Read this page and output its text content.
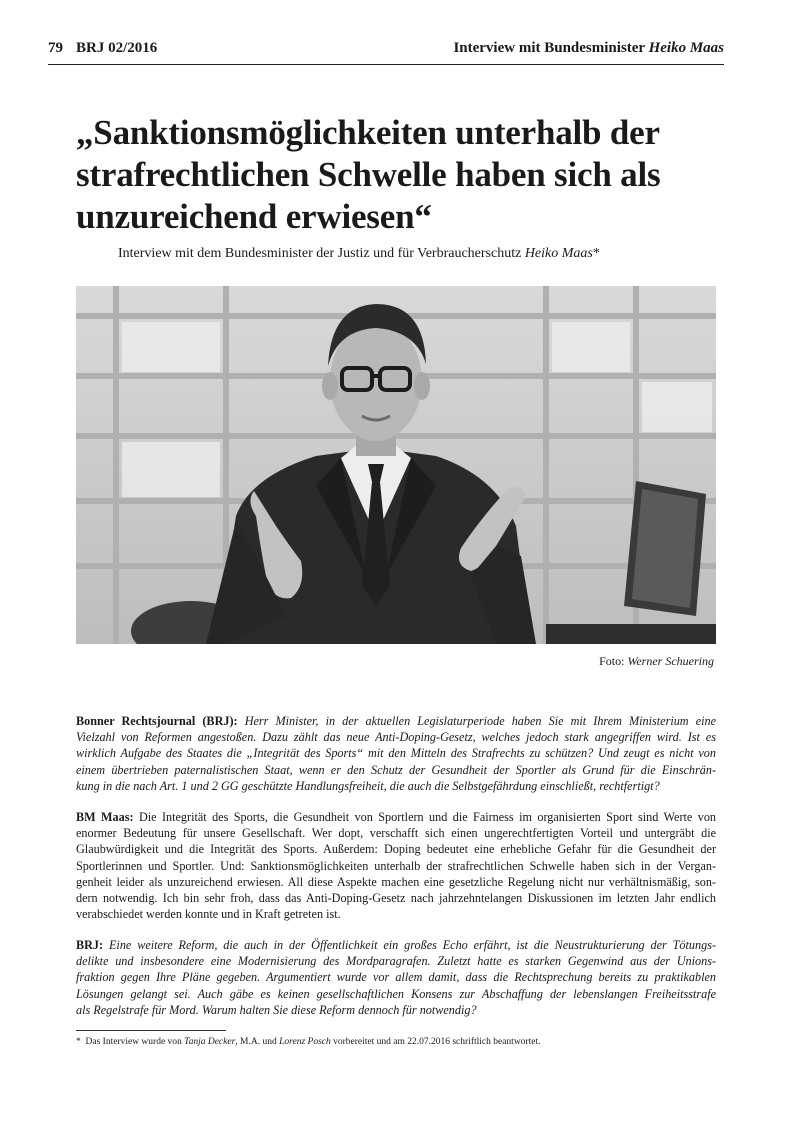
79 BRJ 02/2016	Interview mit Bundesminister Heiko Maas
„Sanktionsmöglichkeiten unterhalb der
strafrechtlichen Schwelle haben sich als
unzureichend erwiesen“
Interview mit dem Bundesminister der Justiz und für Verbraucherschutz Heiko Maas*
Foto: Werner Schuering
Bonner Rechtsjournal (BRJ): Herr Minister, in der aktuellen Legislaturperiode haben Sie mit Ihrem Ministerium eine
Vielzahl von Reformen angestoßen. Dazu zählt das neue Anti-Doping-Gesetz, welches jedoch stark angegriffen wird. Ist es
wirklich Aufgabe des Staates die „Integrität des Sports“ mit den Mitteln des Strafrechts zu schützen? Und zeugt es nicht von
einem übertrieben paternalistischen Staat, wenn er den Schutz der Gesundheit der Sportler als Grund für die Einschrän-
kung in die nach Art. 1 und 2 GG geschützte Handlungsfreiheit, die auch die Selbstgefährdung einschließt, rechtfertigt?
BM Maas: Die Integrität des Sports, die Gesundheit von Sportlern und die Fairness im organisierten Sport sind Werte von
enormer Bedeutung für unsere Gesellschaft. Wer dopt, verschafft sich einen ungerechtfertigten Vorteil und untergräbt die
Glaubwürdigkeit und die Integrität des Sports. Außerdem: Doping bedeutet eine erhebliche Gefahr für die Gesundheit der
Sportlerinnen und Sportler. Und: Sanktionsmöglichkeiten unterhalb der strafrechtlichen Schwelle haben sich in der Vergan-
genheit leider als unzureichend erwiesen. All diese Aspekte machen eine gesetzliche Regelung nicht nur verhältnismäßig, son-
dern notwendig. Ich bin sehr froh, dass das Anti-Doping-Gesetz nach jahrzehntelangen Diskussionen im letzten Jahr endlich
verabschiedet werden konnte und in Kraft getreten ist.
BRJ: Eine weitere Reform, die auch in der Öffentlichkeit ein großes Echo erfährt, ist die Neustrukturierung der Tötungs-
delikte und insbesondere eine Modernisierung des Mordparagrafen. Zuletzt hatte es starken Gegenwind aus der Unions-
fraktion gegen Ihre Pläne gegeben. Argumentiert wurde vor allem damit, dass die Rechtsprechung bereits zu praktikablen
Lösungen gelangt sei. Auch gäbe es keinen gesellschaftlichen Konsens zur Abschaffung der lebenslangen Freiheitsstrafe
als Regelstrafe für Mord. Warum halten Sie diese Reform dennoch für notwendig?
* Das Interview wurde von Tanja Decker, M.A. und Lorenz Posch vorbereitet und am 22.07.2016 schriftlich beantwortet.
